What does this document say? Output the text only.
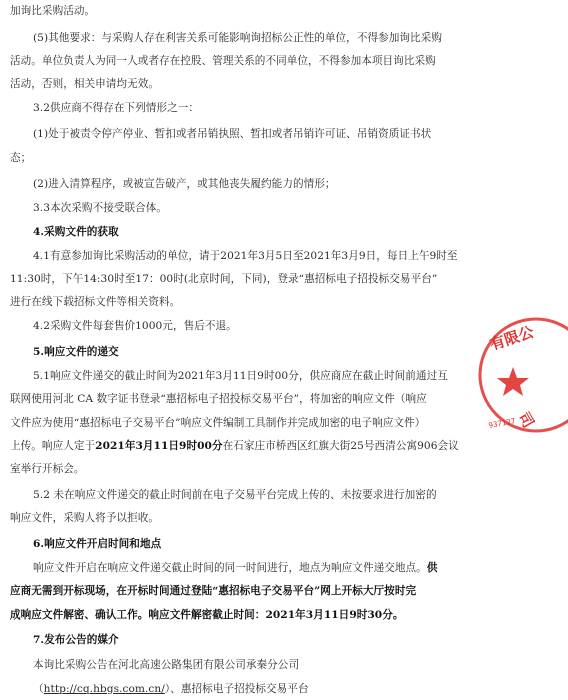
加询比采购活动。
(5)其他要求：与采购人存在利害关系可能影响询招标公正性的单位，不得参加询比采购
活动。单位负责人为同一人或者存在控股、管理关系的不同单位，不得参加本项目询比采购
活动，否则，相关申请均无效。
3.2供应商不得存在下列情形之一：
(1)处于被责令停产停业、暂扣或者吊销执照、暂扣或者吊销许可证、吊销资质证书状
态；
(2)进入清算程序，或被宣告破产，或其他丧失履约能力的情形；
3.3本次采购不接受联合体。
4.采购文件的获取
4.1有意参加询比采购活动的单位，请于2021年3月5日至2021年3月9日，每日上午9时至
11:30时，下午14:30时至17：00时(北京时间，下同)，登录“惠招标电子招投标交易平台”
进行在线下载招标文件等相关资料。
4.2采购文件每套售价1000元，售后不退。
5.响应文件的递交
5.1响应文件递交的截止时间为2021年3月11日9时00分，供应商应在截止时间前通过互
联网使用河北 CA 数字证书登录“惠招标电子招投标交易平台”，将加密的响应文件（响应
文件应为使用“惠招标电子交易平台”响应文件编制工具制作并完成加密的电子响应文件）
上传。响应人定于2021年3月11日9时00分在石家庄市桥西区红旗大街25号西清公寓906会议
室举行开标会。
5.2 未在响应文件递交的截止时间前在电子交易平台完成上传的、未按要求进行加密的
响应文件，采购人将予以拒收。
6.响应文件开启时间和地点
响应文件开启在响应文件递交截止时间的同一时间进行，地点为响应文件递交地点。供
应商无需到开标现场，在开标时间通过登陆“惠招标电子交易平台”网上开标大厅按时完
成响应文件解密、确认工作。响应文件解密截止时间：2021年3月11日9时30分。
7.发布公告的媒介
本询比采购公告在河北高速公路集团有限公司承秦分公司
（http://cq.hbgs.com.cn/）、惠招标电子招投标交易平台
有限公
司
937127
